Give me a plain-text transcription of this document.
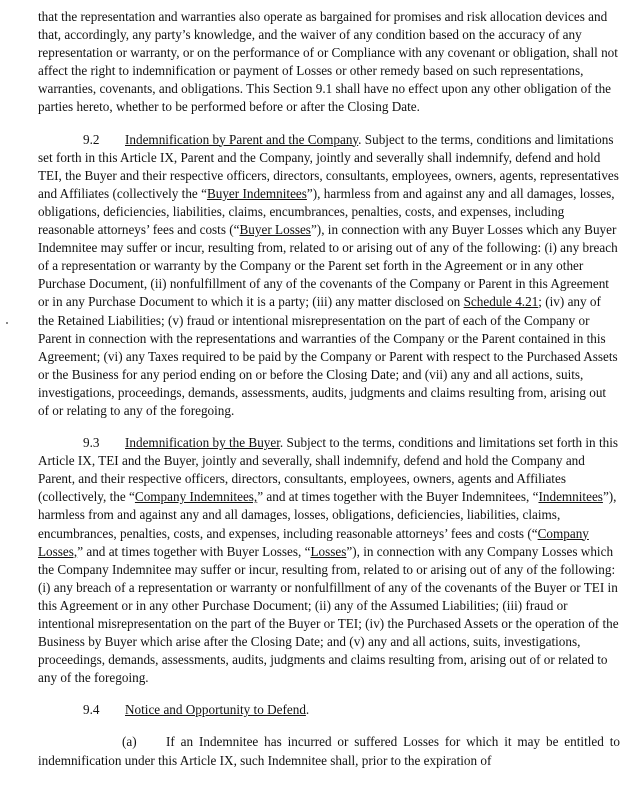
that the representation and warranties also operate as bargained for promises and risk allocation devices and that, accordingly, any party’s knowledge, and the waiver of any condition based on the accuracy of any representation or warranty, or on the performance of or Compliance with any covenant or obligation, shall not affect the right to indemnification or payment of Losses or other remedy based on such representations, warranties, covenants, and obligations. This Section 9.1 shall have no effect upon any other obligation of the parties hereto, whether to be performed before or after the Closing Date.

9.2 Indemnification by Parent and the Company. Subject to the terms, conditions and limitations set forth in this Article IX, Parent and the Company, jointly and severally shall indemnify, defend and hold TEI, the Buyer and their respective officers, directors, consultants, employees, owners, agents, representatives and Affiliates (collectively the “Buyer Indemnitees”), harmless from and against any and all damages, losses, obligations, deficiencies, liabilities, claims, encumbrances, penalties, costs, and expenses, including reasonable attorneys’ fees and costs (“Buyer Losses”), in connection with any Buyer Losses which any Buyer Indemnitee may suffer or incur, resulting from, related to or arising out of any of the following: (i) any breach of a representation or warranty by the Company or the Parent set forth in the Agreement or in any other Purchase Document, (ii) nonfulfillment of any of the covenants of the Company or Parent in this Agreement or in any Purchase Document to which it is a party; (iii) any matter disclosed on Schedule 4.21; (iv) any of the Retained Liabilities; (v) fraud or intentional misrepresentation on the part of each of the Company or Parent in connection with the representations and warranties of the Company or the Parent contained in this Agreement; (vi) any Taxes required to be paid by the Company or Parent with respect to the Purchased Assets or the Business for any period ending on or before the Closing Date; and (vii) any and all actions, suits, investigations, proceedings, demands, assessments, audits, judgments and claims resulting from, arising out of or relating to any of the foregoing.

9.3 Indemnification by the Buyer. Subject to the terms, conditions and limitations set forth in this Article IX, TEI and the Buyer, jointly and severally, shall indemnify, defend and hold the Company and Parent, and their respective officers, directors, consultants, employees, owners, agents and Affiliates (collectively, the “Company Indemnitees,” and at times together with the Buyer Indemnitees, “Indemnitees”), harmless from and against any and all damages, losses, obligations, deficiencies, liabilities, claims, encumbrances, penalties, costs, and expenses, including reasonable attorneys’ fees and costs (“Company Losses,” and at times together with Buyer Losses, “Losses”), in connection with any Company Losses which the Company Indemnitee may suffer or incur, resulting from, related to or arising out of any of the following: (i) any breach of a representation or warranty or nonfulfillment of any of the covenants of the Buyer or TEI in this Agreement or in any other Purchase Document; (ii) any of the Assumed Liabilities; (iii) fraud or intentional misrepresentation on the part of the Buyer or TEI; (iv) the Purchased Assets or the operation of the Business by Buyer which arise after the Closing Date; and (v) any and all actions, suits, investigations, proceedings, demands, assessments, audits, judgments and claims resulting from, arising out of or related to any of the foregoing.

9.4 Notice and Opportunity to Defend.

(a) If an Indemnitee has incurred or suffered Losses for which it may be entitled to indemnification under this Article IX, such Indemnitee shall, prior to the expiration of
